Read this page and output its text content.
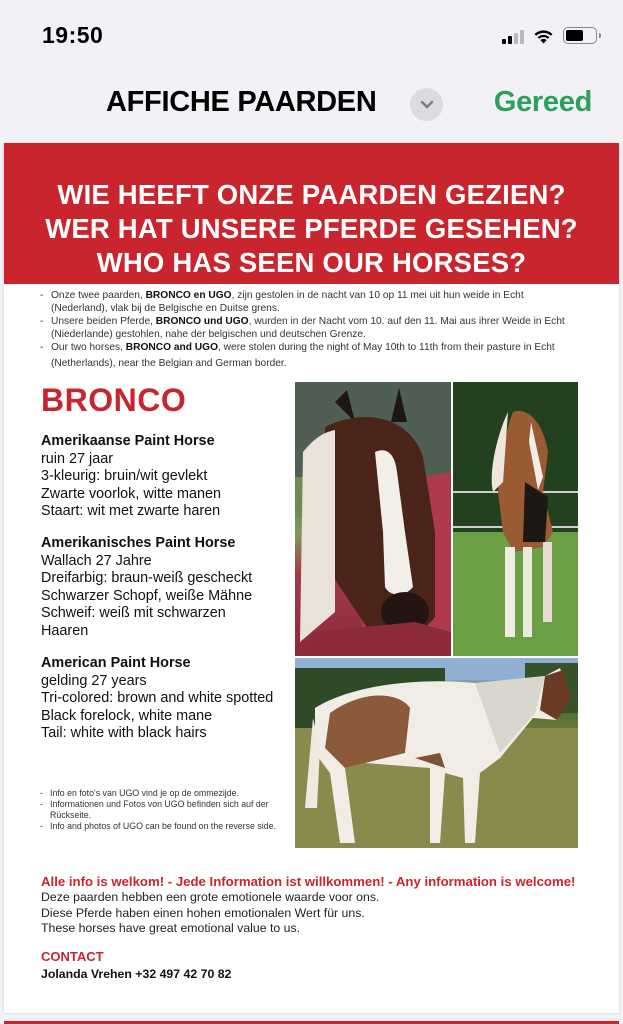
19:50
AFFICHE PAARDEN	Gereed
WIE HEEFT ONZE PAARDEN GEZIEN?
WER HAT UNSERE PFERDE GESEHEN?
WHO HAS SEEN OUR HORSES?
- Onze twee paarden, BRONCO en UGO, zijn gestolen in de nacht van 10 op 11 mei uit hun weide in Echt
(Nederland), vlak bij de Belgische en Duitse grens.
- Unsere beiden Pferde, BRONCO und UGO, wurden in der Nacht vom 10. auf den 11. Mai aus ihrer Weide in Echt
(Niederlande) gestohlen, nahe der belgischen und deutschen Grenze.
- Our two horses, BRONCO and UGO, were stolen during the night of May 10th to 11th from their pasture in Echt
(Netherlands), near the Belgian and German border.
BRONCO
Amerikaanse Paint Horse
ruin 27 jaar
3-kleurig: bruin/wit gevlekt
Zwarte voorlok, witte manen
Staart: wit met zwarte haren
Amerikanisches Paint Horse
Wallach 27 Jahre
Dreifarbig: braun-weiß gescheckt
Schwarzer Schopf, weiße Mähne
Schweif: weiß mit schwarzen
Haaren
American Paint Horse
gelding 27 years
Tri-colored: brown and white spotted
Black forelock, white mane
Tail: white with black hairs
- Info en foto's van UGO vind je op de ommezijde.
- Informationen und Fotos von UGO befinden sich auf der Rückseite.
- Info and photos of UGO can be found on the reverse side.
Alle info is welkom! - Jede Information ist willkommen! - Any information is welcome!
Deze paarden hebben een grote emotionele waarde voor ons.
Diese Pferde haben einen hohen emotionalen Wert für uns.
These horses have great emotional value to us.
CONTACT
Jolanda Vrehen +32 497 42 70 82
